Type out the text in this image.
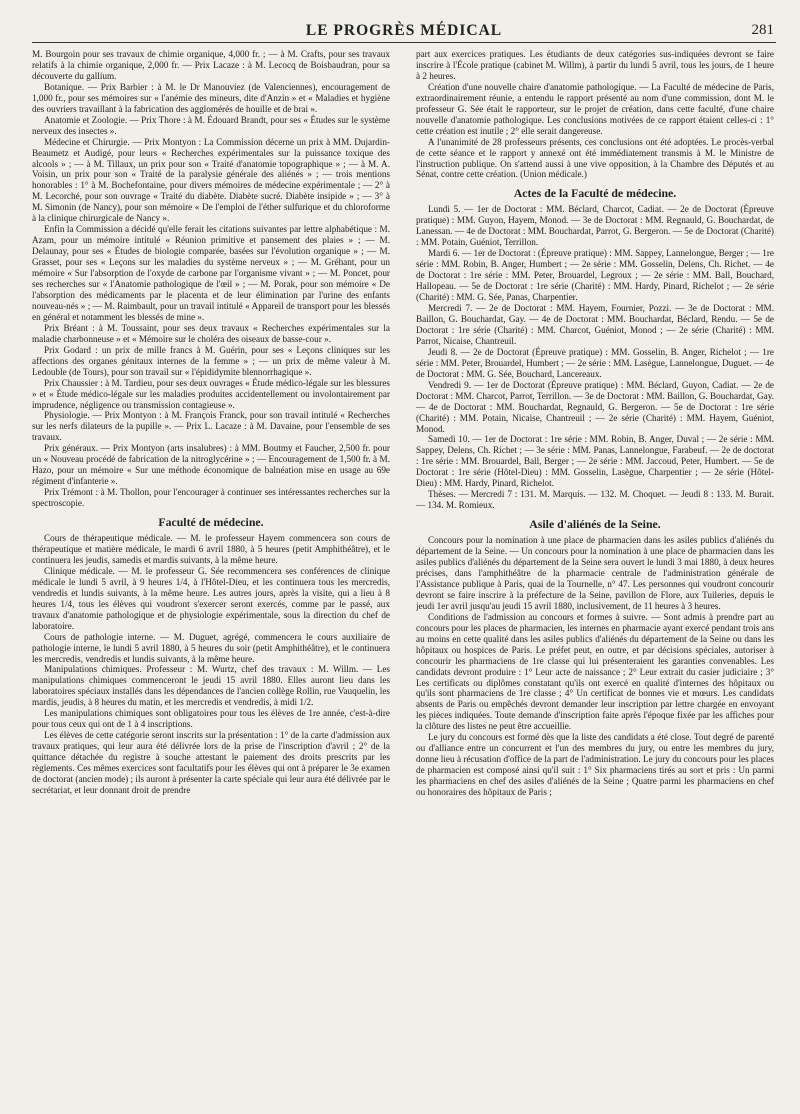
LE PROGRÈS MÉDICAL	281

M. Bourgoin pour ses travaux de chimie organique, 4,000 fr. ; — à M. Crafts, pour ses travaux relatifs à la chimie organique, 2,000 fr. — Prix Lacaze : à M. Lecocq de Boisbaudran, pour sa découverte du gallium.

Botanique. — Prix Barbier : à M. le Dr Manouviez (de Valenciennes), encouragement de 1,000 fr., pour ses mémoires sur « l'anémie des mineurs, dite d'Anzin » et « Maladies et hygiène des ouvriers travaillant à la fabrication des agglomérés de houille et de brai ».

Anatomie et Zoologie. — Prix Thore : à M. Édouard Brandt, pour ses « Études sur le système nerveux des insectes ».

Médecine et Chirurgie. — Prix Montyon : La Commission décerne un prix à MM. Dujardin-Beaumetz et Audigé, pour leurs « Recherches expérimentales sur la puissance toxique des alcools » ; — à M. Tillaux, un prix pour son « Traité d'anatomie topographique » ; — à M. A. Voisin, un prix pour son « Traité de la paralysie générale des aliénés » ; — trois mentions honorables : 1° à M. Bochefontaine, pour divers mémoires de médecine expérimentale ; — 2° à M. Lecorché, pour son ouvrage « Traité du diabète. Diabète sucré. Diabète insipide » ; — 3° à M. Simonin (de Nancy), pour son mémoire « De l'emploi de l'éther sulfurique et du chloroforme à la clinique chirurgicale de Nancy ».

Enfin la Commission a décidé qu'elle ferait les citations suivantes par lettre alphabétique : M. Azam, pour un mémoire intitulé « Réunion primitive et pansement des plaies » ; — M. Delaunay, pour ses « Études de biologie comparée, basées sur l'évolution organique » ; — M. Grasset, pour ses « Leçons sur les maladies du système nerveux » ; — M. Gréhant, pour un mémoire « Sur l'absorption de l'oxyde de carbone par l'organisme vivant » ; — M. Poncet, pour ses recherches sur « l'Anatomie pathologique de l'œil » ; — M. Porak, pour son mémoire « De l'absorption des médicaments par le placenta et de leur élimination par l'urine des enfants nouveau-nés » ; — M. Raimbault, pour un travail intitulé « Appareil de transport pour les blessés en général et notamment les blessés de mine ».

Prix Bréant : à M. Toussaint, pour ses deux travaux « Recherches expérimentales sur la maladie charbonneuse » et « Mémoire sur le choléra des oiseaux de basse-cour ».

Prix Godard : un prix de mille francs à M. Guérin, pour ses « Leçons cliniques sur les affections des organes génitaux internes de la femme » ; — un prix de même valeur à M. Ledouble (de Tours), pour son travail sur « l'épididymite blennorrhagique ».

Prix Chaussier : à M. Tardieu, pour ses deux ouvrages « Étude médico-légale sur les blessures » et « Étude médico-légale sur les maladies produites accidentellement ou involontairement par imprudence, négligence ou transmission contagieuse ».

Physiologie. — Prix Montyon : à M. François Franck, pour son travail intitulé « Recherches sur les nerfs dilateurs de la pupille ». — Prix L. Lacaze : à M. Davaine, pour l'ensemble de ses travaux.

Prix généraux. — Prix Montyon (arts insalubres) : à MM. Boutmy et Faucher, 2,500 fr. pour un « Nouveau procédé de fabrication de la nitroglycérine » ; — Encouragement de 1,500 fr. à M. Hazo, pour un mémoire « Sur une méthode économique de balnéation mise en usage au 69e régiment d'infanterie ».

Prix Trémont : à M. Thollon, pour l'encourager à continuer ses intéressantes recherches sur la spectroscopie.

Faculté de médecine.

Cours de thérapeutique médicale. — M. le professeur Hayem commencera son cours de thérapeutique et matière médicale, le mardi 6 avril 1880, à 5 heures (petit Amphithéâtre), et le continuera les jeudis, samedis et mardis suivants, à la même heure.

Clinique médicale. — M. le professeur G. Sée recommencera ses conférences de clinique médicale le lundi 5 avril, à 9 heures 1/4, à l'Hôtel-Dieu, et les continuera tous les mercredis, vendredis et lundis suivants, à la même heure. Les autres jours, après la visite, qui a lieu à 8 heures 1/4, tous les élèves qui voudront s'exercer seront exercés, comme par le passé, aux travaux d'anatomie pathologique et de physiologie expérimentale, sous la direction du chef de laboratoire.

Cours de pathologie interne. — M. Duguet, agrégé, commencera le cours auxiliaire de pathologie interne, le lundi 5 avril 1880, à 5 heures du soir (petit Amphithéâtre), et le continuera les mercredis, vendredis et lundis suivants, à la même heure.

Manipulations chimiques. Professeur : M. Wurtz, chef des travaux : M. Willm. — Les manipulations chimiques commenceront le jeudi 15 avril 1880. Elles auront lieu dans les laboratoires spéciaux installés dans les dépendances de l'ancien collège Rollin, rue Vauquelin, les mardis, jeudis, à 8 heures du matin, et les mercredis et vendredis, à midi 1/2.

Les manipulations chimiques sont obligatoires pour tous les élèves de 1re année, c'est-à-dire pour tous ceux qui ont de 1 à 4 inscriptions.

Les élèves de cette catégorie seront inscrits sur la présentation : 1° de la carte d'admission aux travaux pratiques, qui leur aura été délivrée lors de la prise de l'inscription d'avril ; 2° de la quittance détachée du registre à souche attestant le paiement des droits prescrits par les règlements. Ces mêmes exercices sont facultatifs pour les élèves qui ont à préparer le 3e examen de doctorat (ancien mode) ; ils auront à présenter la carte spéciale qui leur aura été délivrée par le secrétariat, et leur donnant droit de prendre

part aux exercices pratiques. Les étudiants de deux catégories sus-indiquées devront se faire inscrire à l'École pratique (cabinet M. Willm), à partir du lundi 5 avril, tous les jours, de 1 heure à 2 heures.

Création d'une nouvelle chaire d'anatomie pathologique. — La Faculté de médecine de Paris, extraordinairement réunie, a entendu le rapport présenté au nom d'une commission, dont M. le professeur G. Sée était le rapporteur, sur le projet de création, dans cette faculté, d'une chaire nouvelle d'anatomie pathologique. Les conclusions motivées de ce rapport étaient celles-ci : 1° cette création est inutile ; 2° elle serait dangereuse.

A l'unanimité de 28 professeurs présents, ces conclusions ont été adoptées. Le procès-verbal de cette séance et le rapport y annexé ont été immédiatement transmis à M. le Ministre de l'instruction publique. On s'attend aussi à une vive opposition, à la Chambre des Députés et au Sénat, contre cette création. (Union médicale.)

Actes de la Faculté de médecine.

Lundi 5. — 1er de Doctorat : MM. Béclard, Charcot, Cadiat. — 2e de Doctorat (Épreuve pratique) : MM. Guyon, Hayem, Monod. — 3e de Doctorat : MM. Regnauld, G. Bouchardat, de Lanessan. — 4e de Doctorat : MM. Bouchardat, Parrot, G. Bergeron. — 5e de Doctorat (Charité) : MM. Potain, Guéniot, Terrillon.

Mardi 6. — 1er de Doctorat : (Épreuve pratique) : MM. Sappey, Lannelongue, Berger ; — 1re série : MM. Robin, B. Anger, Humbert ; — 2e série : MM. Gosselin, Delens, Ch. Richet. — 4e de Doctorat : 1re série : MM. Peter, Brouardel, Legroux ; — 2e série : MM. Ball, Bouchard, Hallopeau. — 5e de Doctorat : 1re série (Charité) : MM. Hardy, Pinard, Richelot ; — 2e série (Charité) : MM. G. Sée, Panas, Charpentier.

Mercredi 7. — 2e de Doctorat : MM. Hayem, Fournier, Pozzi. — 3e de Doctorat : MM. Baillon, G. Bouchardat, Gay. — 4e de Doctorat : MM. Bouchardat, Béclard, Rendu. — 5e de Doctorat : 1re série (Charité) : MM. Charcot, Guéniot, Monod ; — 2e série (Charité) : MM. Parrot, Nicaise, Chantreuil.

Jeudi 8. — 2e de Doctorat (Épreuve pratique) : MM. Gosselin, B. Anger, Richelot ; — 1re série : MM. Peter, Brouardel, Humbert ; — 2e série : MM. Lasègue, Lannelongue, Duguet. — 4e de Doctorat : MM. G. Sée, Bouchard, Lancereaux.

Vendredi 9. — 1er de Doctorat (Épreuve pratique) : MM. Béclard, Guyon, Cadiat. — 2e de Doctorat : MM. Charcot, Parrot, Terrillon. — 3e de Doctorat : MM. Baillon, G. Bouchardat, Gay. — 4e de Doctorat : MM. Bouchardat, Regnauld, G. Bergeron. — 5e de Doctorat : 1re série (Charité) : MM. Potain, Nicaise, Chantreuil ; — 2e série (Charité) : MM. Hayem, Guéniot, Monod.

Samedi 10. — 1er de Doctorat : 1re série : MM. Robin, B. Anger, Duval ; — 2e série : MM. Sappey, Delens, Ch. Richet ; — 3e série : MM. Panas, Lannelongue, Farabeuf. — 2e de doctorat : 1re série : MM. Brouardel, Ball, Berger ; — 2e série : MM. Jaccoud, Peter, Humbert. — 5e de Doctorat : 1re série (Hôtel-Dieu) : MM. Gosselin, Lasègue, Charpentier ; — 2e série (Hôtel-Dieu) : MM. Hardy, Pinard, Richelot.

Thèses. — Mercredi 7 : 131. M. Marquis. — 132. M. Choquet. — Jeudi 8 : 133. M. Burait. — 134. M. Romieux.

Asile d'aliénés de la Seine.

Concours pour la nomination à une place de pharmacien dans les asiles publics d'aliénés du département de la Seine. — Un concours pour la nomination à une place de pharmacien dans les asiles publics d'aliénés du département de la Seine sera ouvert le lundi 3 mai 1880, à deux heures précises, dans l'amphithéâtre de la pharmacie centrale de l'administration générale de l'Assistance publique à Paris, quai de la Tournelle, n° 47. Les personnes qui voudront concourir devront se faire inscrire à la préfecture de la Seine, pavillon de Flore, aux Tuileries, depuis le jeudi 1er avril jusqu'au jeudi 15 avril 1880, inclusivement, de 11 heures à 3 heures.

Conditions de l'admission au concours et formes à suivre. — Sont admis à prendre part au concours pour les places de pharmacien, les internes en pharmacie ayant exercé pendant trois ans au moins en cette qualité dans les asiles publics d'aliénés du département de la Seine ou dans les hôpitaux ou hospices de Paris. Le préfet peut, en outre, et par décisions spéciales, autoriser à concourir les pharmaciens de 1re classe qui lui présenteraient les garanties convenables. Les candidats devront produire : 1° Leur acte de naissance ; 2° Leur extrait du casier judiciaire ; 3° Les certificats ou diplômes constatant qu'ils ont exercé en qualité d'internes des hôpitaux ou qu'ils sont pharmaciens de 1re classe ; 4° Un certificat de bonnes vie et mœurs. Les candidats absents de Paris ou empêchés devront demander leur inscription par lettre chargée en envoyant les pièces indiquées. Toute demande d'inscription faite après l'époque fixée par les affiches pour la clôture des listes ne peut être accueillie.

Le jury du concours est formé dès que la liste des candidats a été close. Tout degré de parenté ou d'alliance entre un concurrent et l'un des membres du jury, ou entre les membres du jury, donne lieu à récusation d'office de la part de l'administration. Le jury du concours pour les places de pharmacien est composé ainsi qu'il suit : 1° Six pharmaciens tirés au sort et pris : Un parmi les pharmaciens en chef des asiles d'aliénés de la Seine ; Quatre parmi les pharmaciens en chef ou honoraires des hôpitaux de Paris ;
